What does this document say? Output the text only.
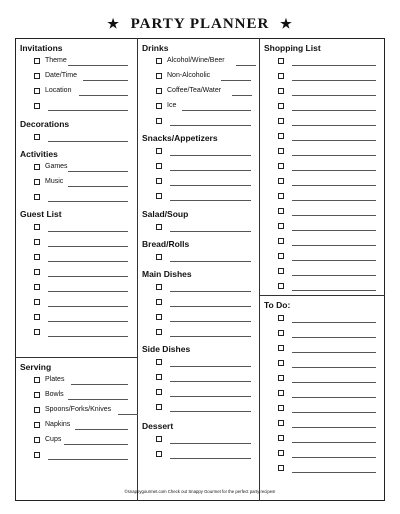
★ PARTY PLANNER ★
Invitations
Theme
Date/Time
Location
Decorations
Activities
Games
Music
Guest List
Serving
Plates
Bowls
Spoons/Forks/Knives
Napkins
Cups
Drinks
Alcohol/Wine/Beer
Non-Alcoholic
Coffee/Tea/Water
Ice
Snacks/Appetizers
Salad/Soup
Bread/Rolls
Main Dishes
Side Dishes
Dessert
Shopping List
To Do:
©snappygourmet.com Check out Snappy Gourmet for the perfect party recipes!
